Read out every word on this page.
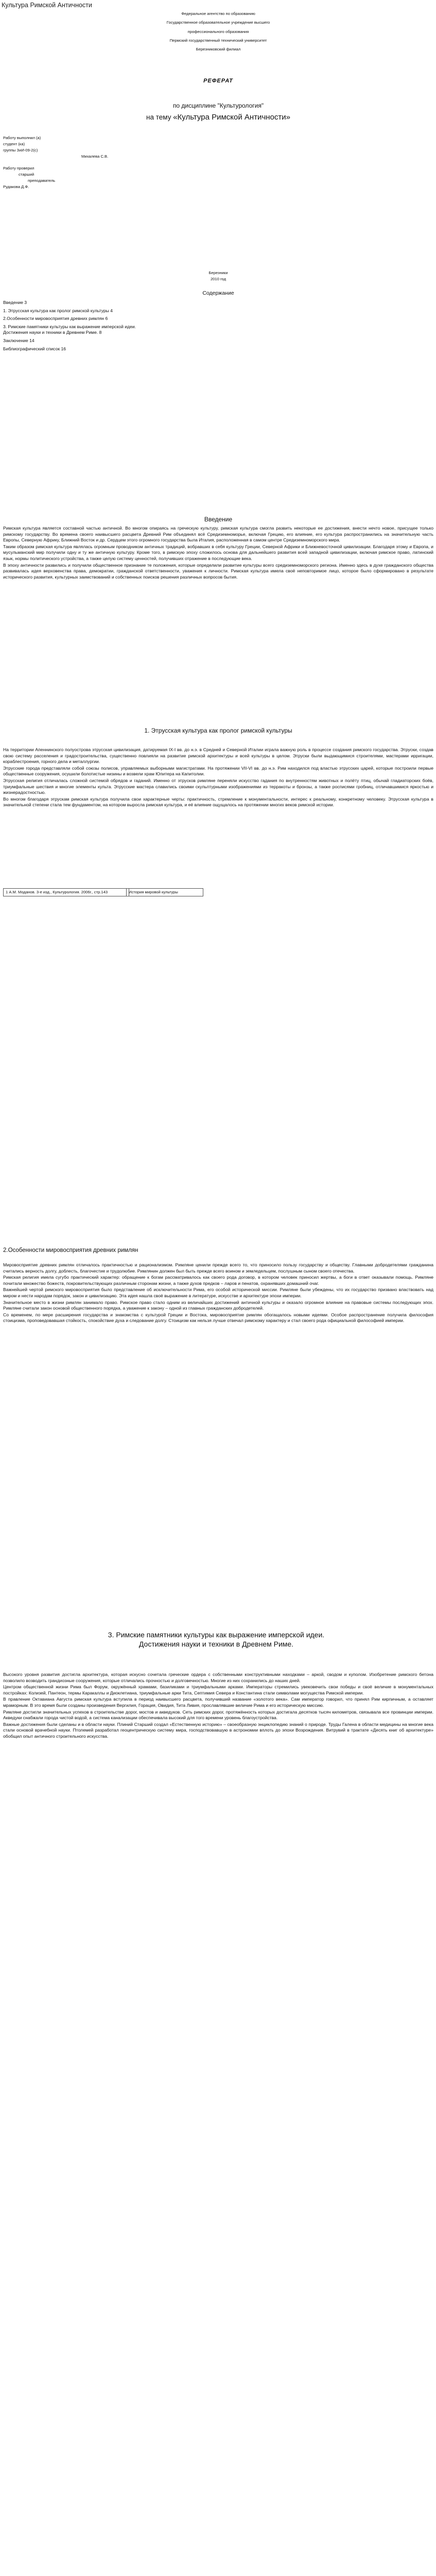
Культура Римской Античности
Федеральное агентство по образованию
Государственное образовательное учреждение высшего
профессионального образования
Пермский государственный технический университет
Березниковский филиал
РЕФЕРАТ
по дисциплине "Культурология"
на тему «Культура Римской Античности»
Работу выполнил (а)
студент (ка)
группы ЗиИ-09-2(с)
Михалева С.В.
Работу проверил
старший
преподаватель
Рудакова Д.Ф.
Березники
2010 год
Содержание
Введение 3
1. Этрусская культура как пролог римской культуры 4
2.Особенности мировосприятия древних римлян 6
3. Римские памятники культуры как выражение имперской идеи.
Достижения науки и техники в Древнем Риме. 8
Заключение 14
Библиографический список 16
Введение

Римская культура является составной частью античной. Во многом опираясь на греческую культуру, римская культура смогла развить некоторые ее достижения, внести нечто новое, присущее только римскому государству. Во времена своего наивысшего расцвета Древний Рим объединял всё Средиземноморье, включая Грецию, его влияние, его культура распространились на значительную часть Европы, Северную Африку, Ближний Восток и др. Сердцем этого огромного государства была Италия, расположенная в самом центре Средиземноморского мира.

Таким образом римская культура являлась огромным проводником античных традиций, вобравших в себя культуру Греции, Северной Африки и Ближневосточной цивилизации. Благодаря этому и Европа, и мусульманский мир получили одну и ту же античную культуру. Кроме того, в римскую эпоху сложилось основа для дальнейшего развития всей западной цивилизации, включая римское право, латинский язык, нормы политического устройства, а также целую систему ценностей, получивших отражение в последующие века.

В эпоху античности развились и получили общественное признание те положения, которые определили развитие культуры всего средиземноморского региона. Именно здесь в духе гражданского общества развивалась идея верховенства права, демократии, гражданской ответственности, уважения к личности. Римская культура имела своё неповторимое лицо, которое было сформировано в результате исторического развития, культурных заимствований и собственных поисков решения различных вопросов бытия.

1. Этрусская культура как пролог римской культуры

На территории Апеннинского полуострова этрусская цивилизация, датируемая IX-I вв. до н.э. в Средней и Северной Италии играла важную роль в процессе создания римского государства. Этруски, создав свою систему расселения и градостроительства, существенно повлияли на развитие римской архитектуры и всей культуры в целом. Этруски были выдающимися строителями, мастерами ирригации, кораблестроения, горного дела и металлургии.

Этрусские города представляли собой союзы полисов, управляемых выборными магистратами. На протяжении VII-VI вв. до н.э. Рим находился под властью этрусских царей, которые построили первые общественные сооружения, осушили болотистые низины и возвели храм Юпитера на Капитолии.

Этрусская религия отличалась сложной системой обрядов и гаданий. Именно от этрусков римляне переняли искусство гадания по внутренностям животных и полёту птиц, обычай гладиаторских боёв, триумфальные шествия и многие элементы культа. Этрусские мастера славились своими скульптурными изображениями из терракоты и бронзы, а также росписями гробниц, отличавшимися яркостью и жизнерадостностью.

Во многом благодаря этрускам римская культура получила свои характерные черты: практичность, стремление к монументальности, интерес к реальному, конкретному человеку. Этрусская культура в значительной степени стала тем фундаментом, на котором выросла римская культура, и её влияние ощущалось на протяжении многих веков римской истории.

1 А.М. Моданов. 3-е изд., Культурология. 2006г., стр.143	История мировой культуры
2.Особенности мировосприятия древних римлян

Мировосприятие древних римлян отличалось практичностью и рационализмом. Римляне ценили прежде всего то, что приносило пользу государству и обществу. Главными добродетелями гражданина считались верность долгу, доблесть, благочестие и трудолюбие. Римлянин должен был быть прежде всего воином и земледельцем, послушным сыном своего отечества.

Римская религия имела сугубо практический характер: обращение к богам рассматривалось как своего рода договор, в котором человек приносил жертвы, а боги в ответ оказывали помощь. Римляне почитали множество божеств, покровительствующих различным сторонам жизни, а также духов предков – ларов и пенатов, охранявших домашний очаг.

Важнейшей чертой римского мировосприятия было представление об исключительности Рима, его особой исторической миссии. Римляне были убеждены, что их государство призвано властвовать над миром и нести народам порядок, закон и цивилизацию. Эта идея нашла своё выражение в литературе, искусстве и архитектуре эпохи империи.

Значительное место в жизни римлян занимало право. Римское право стало одним из величайших достижений античной культуры и оказало огромное влияние на правовые системы последующих эпох. Римляне считали закон основой общественного порядка, а уважение к закону – одной из главных гражданских добродетелей.

Со временем, по мере расширения государства и знакомства с культурой Греции и Востока, мировосприятие римлян обогащалось новыми идеями. Особое распространение получила философия стоицизма, проповедовавшая стойкость, спокойствие духа и следование долгу. Стоицизм как нельзя лучше отвечал римскому характеру и стал своего рода официальной философией империи.

3. Римские памятники культуры как выражение имперской идеи. Достижения науки и техники в Древнем Риме.

Высокого уровня развития достигла архитектура, которая искусно сочетала греческие ордера с собственными конструктивными находками – аркой, сводом и куполом. Изобретение римского бетона позволило возводить грандиозные сооружения, которые отличались прочностью и долговечностью. Многие из них сохранились до наших дней.

Центром общественной жизни Рима был Форум, окружённый храмами, базиликами и триумфальными арками. Императоры стремились увековечить свои победы и своё величие в монументальных постройках: Колизей, Пантеон, термы Каракаллы и Диоклетиана, триумфальные арки Тита, Септимия Севера и Константина стали символами могущества Римской империи.

В правление Октавиана Августа римская культура вступила в период наивысшего расцвета, получивший название «золотого века». Сам император говорил, что принял Рим кирпичным, а оставляет мраморным. В это время были созданы произведения Вергилия, Горация, Овидия, Тита Ливия, прославлявшие величие Рима и его историческую миссию.

Римляне достигли значительных успехов в строительстве дорог, мостов и акведуков. Сеть римских дорог, протяжённость которых достигала десятков тысяч километров, связывала все провинции империи. Акведуки снабжали города чистой водой, а система канализации обеспечивала высокий для того времени уровень благоустройства.

Важные достижения были сделаны и в области науки. Плиний Старший создал «Естественную историю» – своеобразную энциклопедию знаний о природе. Труды Галена в области медицины на многие века стали основой врачебной науки. Птолемей разработал геоцентрическую систему мира, господствовавшую в астрономии вплоть до эпохи Возрождения. Витрувий в трактате «Десять книг об архитектуре» обобщил опыт античного строительного искусства.
